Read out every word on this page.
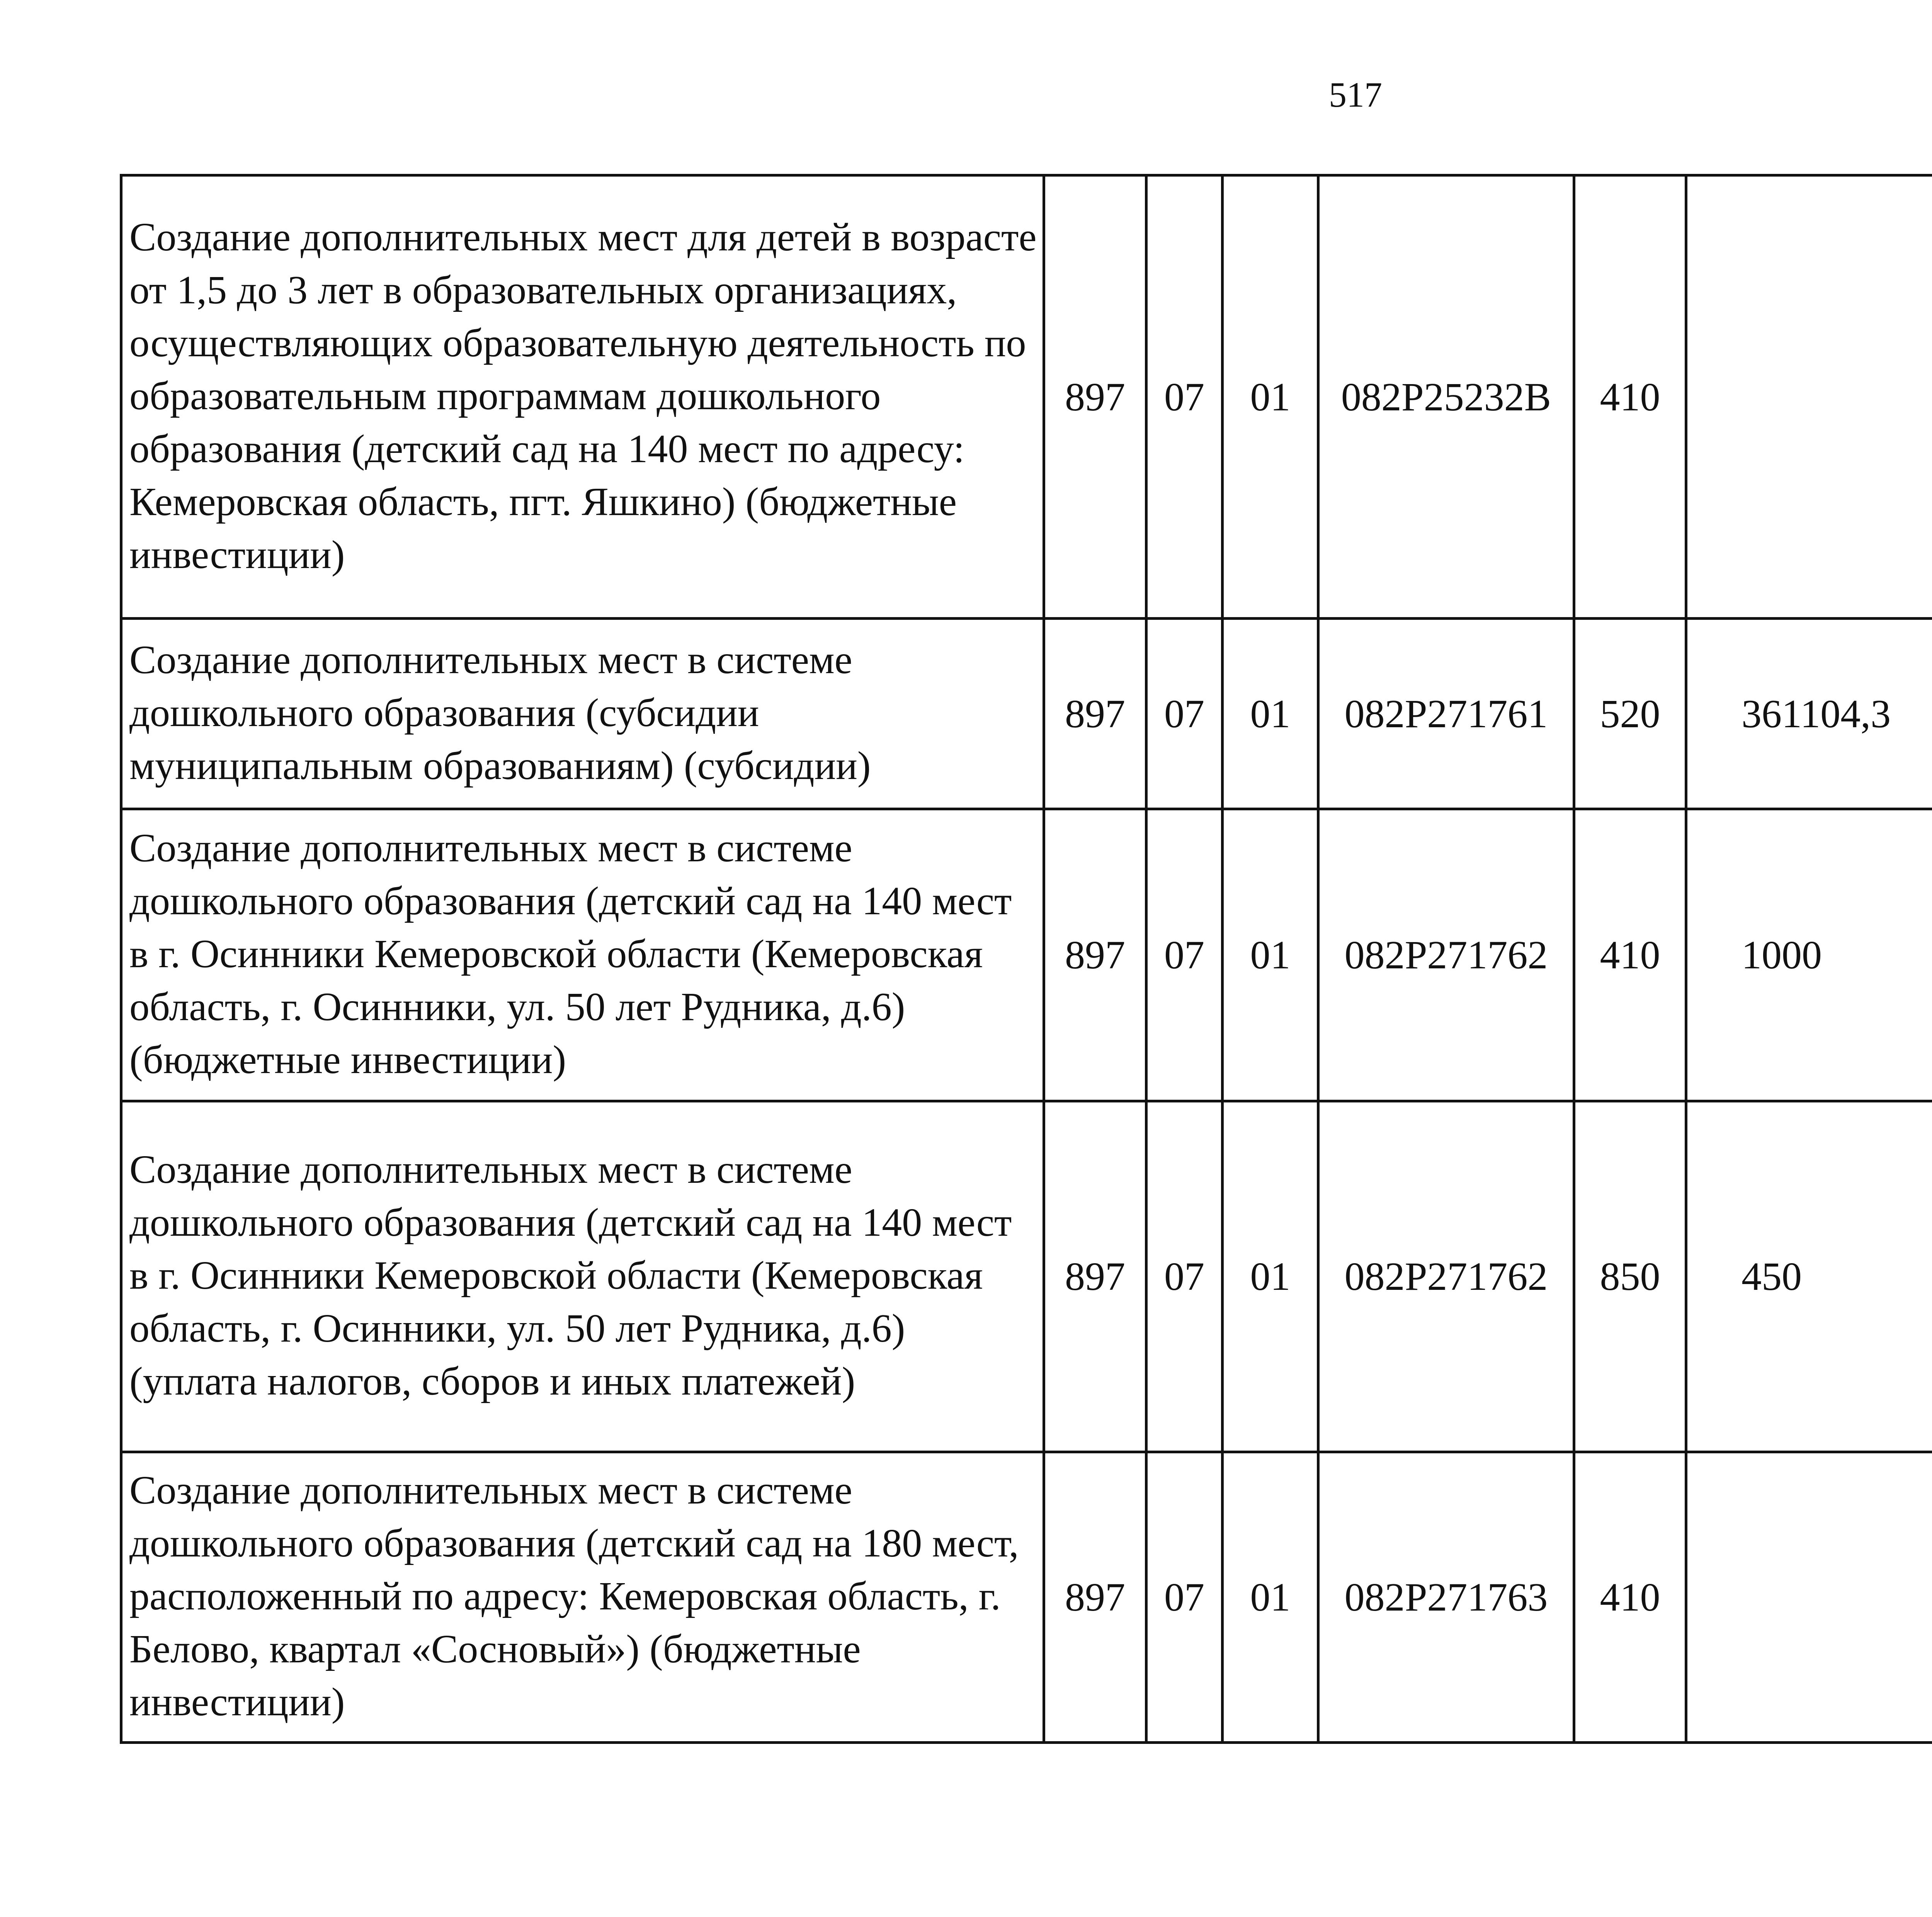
517
Создание дополнительных мест для детей в возрасте от 1,5 до 3 лет в образовательных организациях, осуществляющих образовательную деятельность по образовательным программам дошкольного образования (детский сад на 140 мест по адресу: Кемеровская область, пгт. Яшкино) (бюджетные инвестиции)	897	07	01	082P25232B	410			
Создание дополнительных мест в системе дошкольного образования (субсидии муниципальным образованиям) (субсидии)	897	07	01	082P271761	520	361104,3		
Создание дополнительных мест в системе дошкольного образования (детский сад на 140 мест в г. Осинники Кемеровской области (Кемеровская область, г. Осинники, ул. 50 лет Рудника, д.6) (бюджетные инвестиции)	897	07	01	082P271762	410	1000		
Создание дополнительных мест в системе дошкольного образования (детский сад на 140 мест в г. Осинники Кемеровской области (Кемеровская область, г. Осинники, ул. 50 лет Рудника, д.6) (уплата налогов, сборов и иных платежей)	897	07	01	082P271762	850	450		
Создание дополнительных мест в системе дошкольного образования (детский сад на 180 мест, расположенный по адресу: Кемеровская область, г. Белово, квартал «Сосновый») (бюджетные инвестиции)	897	07	01	082P271763	410			
